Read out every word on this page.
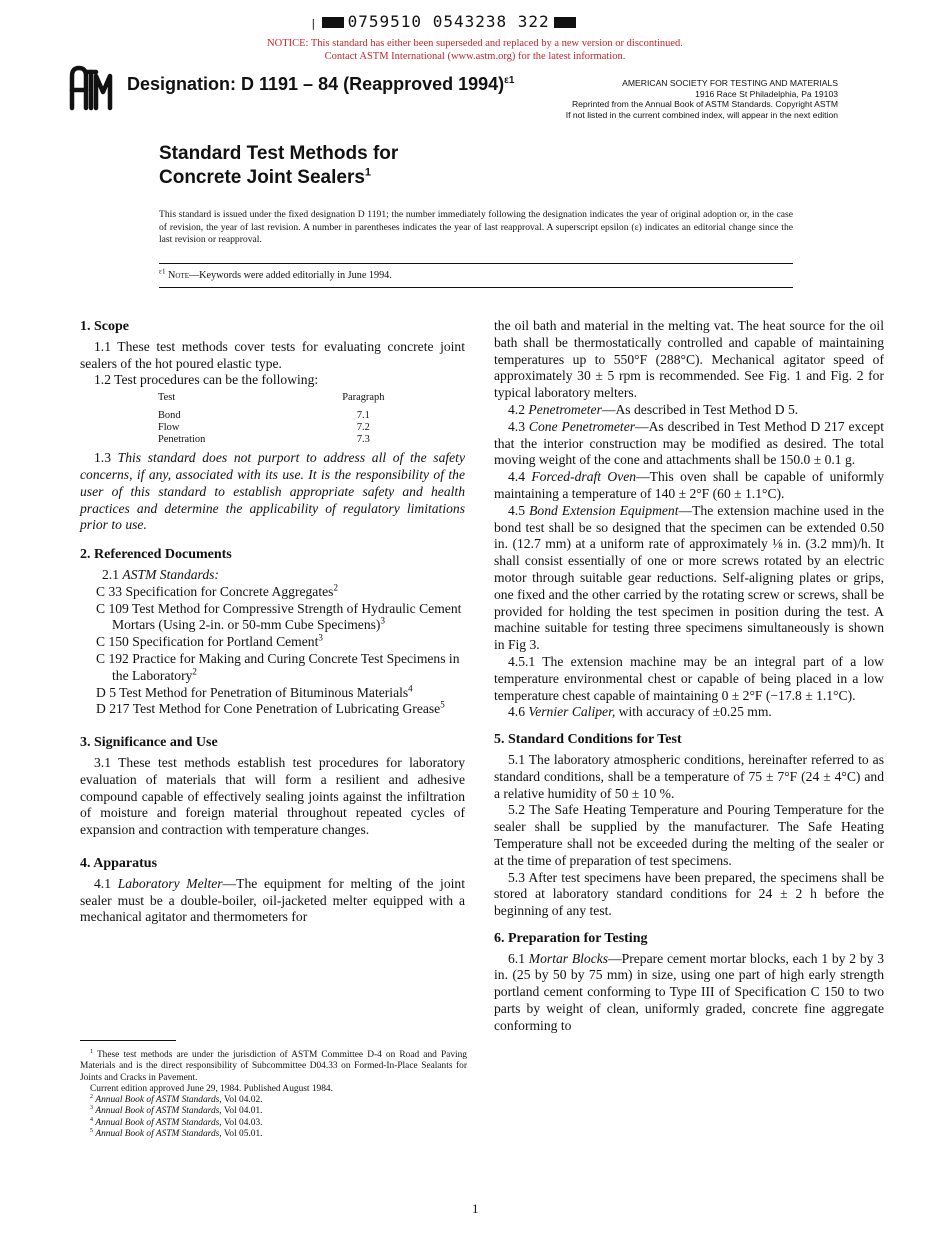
| 0759510 0543238 322
NOTICE: This standard has either been superseded and replaced by a new version or discontinued.
Contact ASTM International (www.astm.org) for the latest information.
Designation: D 1191 – 84 (Reapproved 1994)$^{\varepsilon 1}$	AMERICAN SOCIETY FOR TESTING AND MATERIALS
1916 Race St Philadelphia, Pa 19103
Reprinted from the Annual Book of ASTM Standards. Copyright ASTM
If not listed in the current combined index, will appear in the next edition
Standard Test Methods for
Concrete Joint Sealers$^1$
This standard is issued under the fixed designation D 1191; the number immediately following the designation indicates the year of original adoption or, in the case of revision, the year of last revision. A number in parentheses indicates the year of last reapproval. A superscript epsilon (ε) indicates an editorial change since the last revision or reapproval.
$^{\varepsilon 1}$ Note—Keywords were added editorially in June 1994.
1. Scope

1.1 These test methods cover tests for evaluating concrete joint sealers of the hot poured elastic type.

1.2 Test procedures can be the following:

Test	Paragraph
Bond	7.1
Flow	7.2
Penetration	7.3

1.3 This standard does not purport to address all of the safety concerns, if any, associated with its use. It is the responsibility of the user of this standard to establish appropriate safety and health practices and determine the applicability of regulatory limitations prior to use.

2. Referenced Documents

2.1 ASTM Standards:

C 33 Specification for Concrete Aggregates$^2$

C 109 Test Method for Compressive Strength of Hydraulic Cement Mortars (Using 2-in. or 50-mm Cube Specimens)$^3$

C 150 Specification for Portland Cement$^3$

C 192 Practice for Making and Curing Concrete Test Specimens in the Laboratory$^2$

D 5 Test Method for Penetration of Bituminous Materials$^4$

D 217 Test Method for Cone Penetration of Lubricating Grease$^5$

3. Significance and Use

3.1 These test methods establish test procedures for laboratory evaluation of materials that will form a resilient and adhesive compound capable of effectively sealing joints against the infiltration of moisture and foreign material throughout repeated cycles of expansion and contraction with temperature changes.

4. Apparatus

4.1 Laboratory Melter—The equipment for melting of the joint sealer must be a double-boiler, oil-jacketed melter equipped with a mechanical agitator and thermometers for

$^1$ These test methods are under the jurisdiction of ASTM Committee D-4 on Road and Paving Materials and is the direct responsibility of Subcommittee D04.33 on Formed-In-Place Sealants for Joints and Cracks in Pavement.

Current edition approved June 29, 1984. Published August 1984.

$^2$ Annual Book of ASTM Standards, Vol 04.02.

$^3$ Annual Book of ASTM Standards, Vol 04.01.

$^4$ Annual Book of ASTM Standards, Vol 04.03.

$^5$ Annual Book of ASTM Standards, Vol 05.01.

the oil bath and material in the melting vat. The heat source for the oil bath shall be thermostatically controlled and capable of maintaining temperatures up to 550°F (288°C). Mechanical agitator speed of approximately 30 ± 5 rpm is recommended. See Fig. 1 and Fig. 2 for typical laboratory melters.

4.2 Penetrometer—As described in Test Method D 5.

4.3 Cone Penetrometer—As described in Test Method D 217 except that the interior construction may be modified as desired. The total moving weight of the cone and attachments shall be 150.0 ± 0.1 g.

4.4 Forced-draft Oven—This oven shall be capable of uniformly maintaining a temperature of 140 ± 2°F (60 ± 1.1°C).

4.5 Bond Extension Equipment—The extension machine used in the bond test shall be so designed that the specimen can be extended 0.50 in. (12.7 mm) at a uniform rate of approximately ⅛ in. (3.2 mm)/h. It shall consist essentially of one or more screws rotated by an electric motor through suitable gear reductions. Self-aligning plates or grips, one fixed and the other carried by the rotating screw or screws, shall be provided for holding the test specimen in position during the test. A machine suitable for testing three specimens simultaneously is shown in Fig 3.

4.5.1 The extension machine may be an integral part of a low temperature environmental chest or capable of being placed in a low temperature chest capable of maintaining 0 ± 2°F (−17.8 ± 1.1°C).

4.6 Vernier Caliper, with accuracy of ±0.25 mm.

5. Standard Conditions for Test

5.1 The laboratory atmospheric conditions, hereinafter referred to as standard conditions, shall be a temperature of 75 ± 7°F (24 ± 4°C) and a relative humidity of 50 ± 10 %.

5.2 The Safe Heating Temperature and Pouring Temperature for the sealer shall be supplied by the manufacturer. The Safe Heating Temperature shall not be exceeded during the melting of the sealer or at the time of preparation of test specimens.

5.3 After test specimens have been prepared, the specimens shall be stored at laboratory standard conditions for 24 ± 2 h before the beginning of any test.

6. Preparation for Testing

6.1 Mortar Blocks—Prepare cement mortar blocks, each 1 by 2 by 3 in. (25 by 50 by 75 mm) in size, using one part of high early strength portland cement conforming to Type III of Specification C 150 to two parts by weight of clean, uniformly graded, concrete fine aggregate conforming to

1
